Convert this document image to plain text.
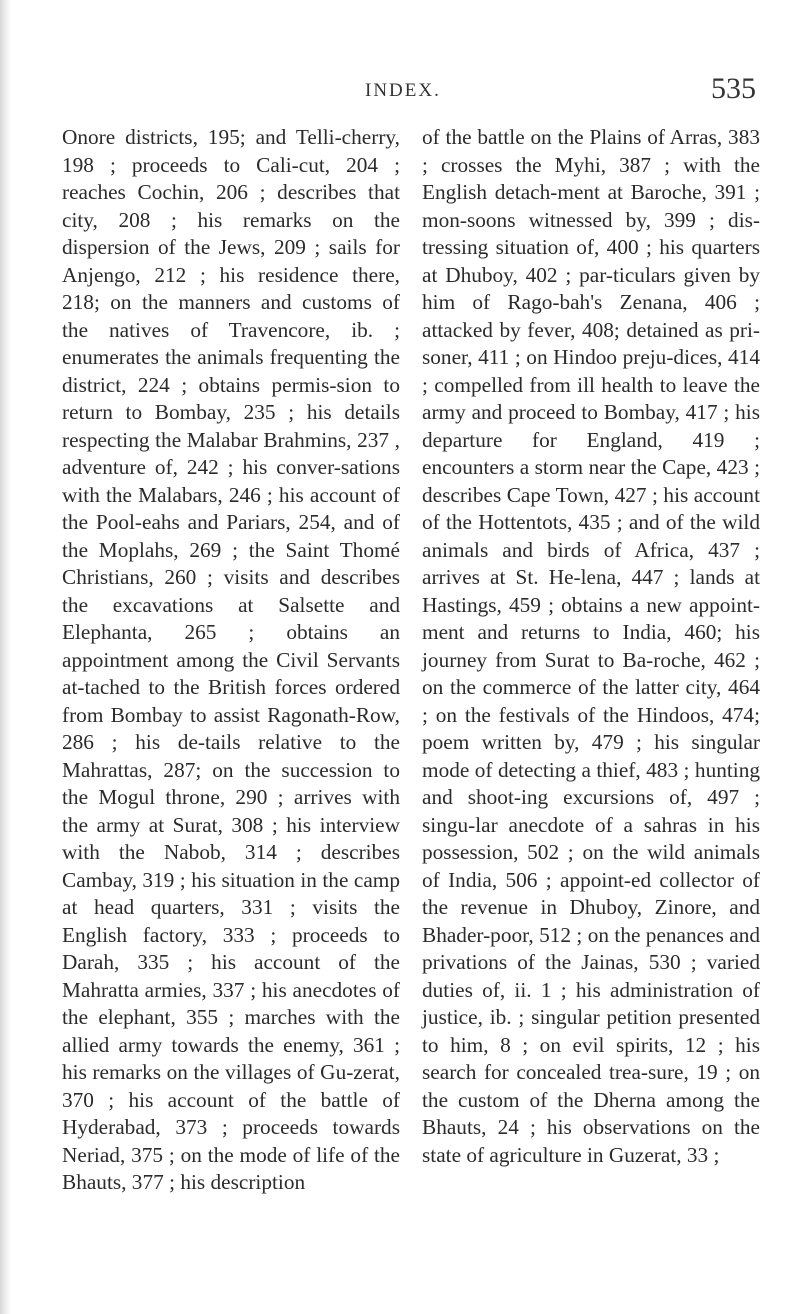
INDEX.	535

Onore districts, 195; and Telli-cherry, 198 ; proceeds to Cali-cut, 204 ; reaches Cochin, 206 ; describes that city, 208 ; his remarks on the dispersion of the Jews, 209 ; sails for Anjengo, 212 ; his residence there, 218; on the manners and customs of the natives of Travencore, ib. ; enumerates the animals frequenting the district, 224 ; obtains permis-sion to return to Bombay, 235 ; his details respecting the Malabar Brahmins, 237 , adventure of, 242 ; his conver-sations with the Malabars, 246 ; his account of the Pool-eahs and Pariars, 254, and of the Moplahs, 269 ; the Saint Thomé Christians, 260 ; visits and describes the excavations at Salsette and Elephanta, 265 ; obtains an appointment among the Civil Servants at-tached to the British forces ordered from Bombay to assist Ragonath-Row, 286 ; his de-tails relative to the Mahrattas, 287; on the succession to the Mogul throne, 290 ; arrives with the army at Surat, 308 ; his interview with the Nabob, 314 ; describes Cambay, 319 ; his situation in the camp at head quarters, 331 ; visits the English factory, 333 ; proceeds to Darah, 335 ; his account of the Mahratta armies, 337 ; his anecdotes of the elephant, 355 ; marches with the allied army towards the enemy, 361 ; his remarks on the villages of Gu-zerat, 370 ; his account of the battle of Hyderabad, 373 ; proceeds towards Neriad, 375 ; on the mode of life of the Bhauts, 377 ; his description

of the battle on the Plains of Arras, 383 ; crosses the Myhi, 387 ; with the English detach-ment at Baroche, 391 ; mon-soons witnessed by, 399 ; dis-tressing situation of, 400 ; his quarters at Dhuboy, 402 ; par-ticulars given by him of Rago-bah's Zenana, 406 ; attacked by fever, 408; detained as pri-soner, 411 ; on Hindoo preju-dices, 414 ; compelled from ill health to leave the army and proceed to Bombay, 417 ; his departure for England, 419 ; encounters a storm near the Cape, 423 ; describes Cape Town, 427 ; his account of the Hottentots, 435 ; and of the wild animals and birds of Africa, 437 ; arrives at St. He-lena, 447 ; lands at Hastings, 459 ; obtains a new appoint-ment and returns to India, 460; his journey from Surat to Ba-roche, 462 ; on the commerce of the latter city, 464 ; on the festivals of the Hindoos, 474; poem written by, 479 ; his singular mode of detecting a thief, 483 ; hunting and shoot-ing excursions of, 497 ; singu-lar anecdote of a sahras in his possession, 502 ; on the wild animals of India, 506 ; appoint-ed collector of the revenue in Dhuboy, Zinore, and Bhader-poor, 512 ; on the penances and privations of the Jainas, 530 ; varied duties of, ii. 1 ; his administration of justice, ib. ; singular petition presented to him, 8 ; on evil spirits, 12 ; his search for concealed trea-sure, 19 ; on the custom of the Dherna among the Bhauts, 24 ; his observations on the state of agriculture in Guzerat, 33 ;
